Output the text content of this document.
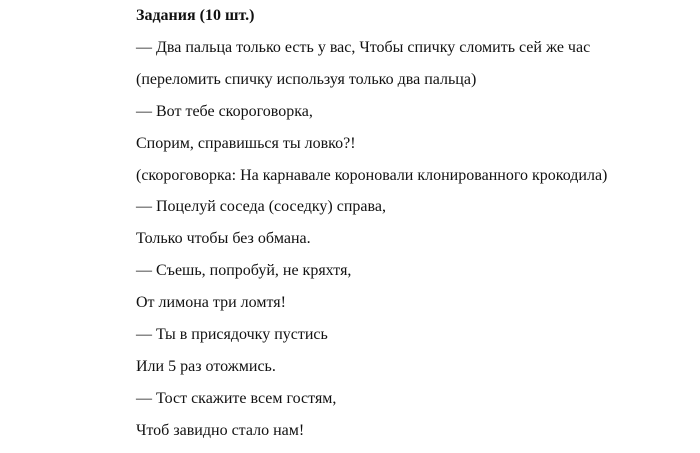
Задания (10 шт.)
— Два пальца только есть у вас, Чтобы спичку сломить сей же час
(переломить спичку используя только два пальца)
— Вот тебе скороговорка,
Спорим, справишься ты ловко?!
(скороговорка: На карнавале короновали клонированного крокодила)
— Поцелуй соседа (соседку) справа,
Только чтобы без обмана.
— Съешь, попробуй, не кряхтя,
От лимона три ломтя!
— Ты в присядочку пустись
Или 5 раз отожмись.
— Тост скажите всем гостям,
Чтоб завидно стало нам!
